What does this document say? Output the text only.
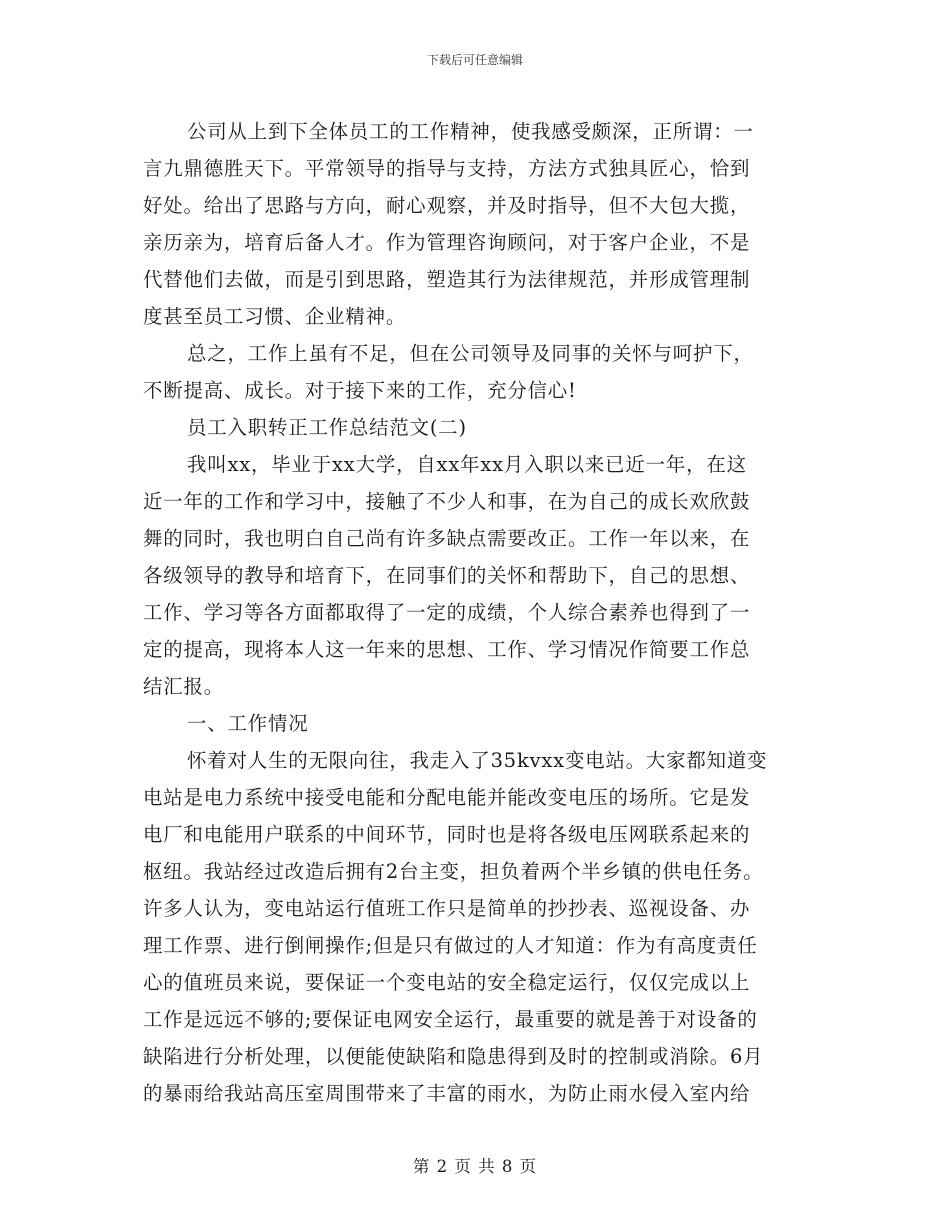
下载后可任意编辑
公司从上到下全体员工的工作精神，使我感受颇深，正所谓：一
言九鼎德胜天下。平常领导的指导与支持，方法方式独具匠心，恰到
好处。给出了思路与方向，耐心观察，并及时指导，但不大包大揽，
亲历亲为，培育后备人才。作为管理咨询顾问，对于客户企业，不是
代替他们去做，而是引到思路，塑造其行为法律规范，并形成管理制
度甚至员工习惯、企业精神。
总之，工作上虽有不足，但在公司领导及同事的关怀与呵护下，
不断提高、成长。对于接下来的工作，充分信心!
员工入职转正工作总结范文(二)
我叫xx，毕业于xx大学，自xx年xx月入职以来已近一年，在这
近一年的工作和学习中，接触了不少人和事，在为自己的成长欢欣鼓
舞的同时，我也明白自己尚有许多缺点需要改正。工作一年以来，在
各级领导的教导和培育下，在同事们的关怀和帮助下，自己的思想、
工作、学习等各方面都取得了一定的成绩，个人综合素养也得到了一
定的提高，现将本人这一年来的思想、工作、学习情况作简要工作总
结汇报。
一、工作情况
怀着对人生的无限向往，我走入了35kvxx变电站。大家都知道变
电站是电力系统中接受电能和分配电能并能改变电压的场所。它是发
电厂和电能用户联系的中间环节，同时也是将各级电压网联系起来的
枢纽。我站经过改造后拥有2台主变，担负着两个半乡镇的供电任务。
许多人认为，变电站运行值班工作只是简单的抄抄表、巡视设备、办
理工作票、进行倒闸操作;但是只有做过的人才知道：作为有高度责任
心的值班员来说，要保证一个变电站的安全稳定运行，仅仅完成以上
工作是远远不够的;要保证电网安全运行，最重要的就是善于对设备的
缺陷进行分析处理，以便能使缺陷和隐患得到及时的控制或消除。6月
的暴雨给我站高压室周围带来了丰富的雨水，为防止雨水侵入室内给
第 2 页 共 8 页
